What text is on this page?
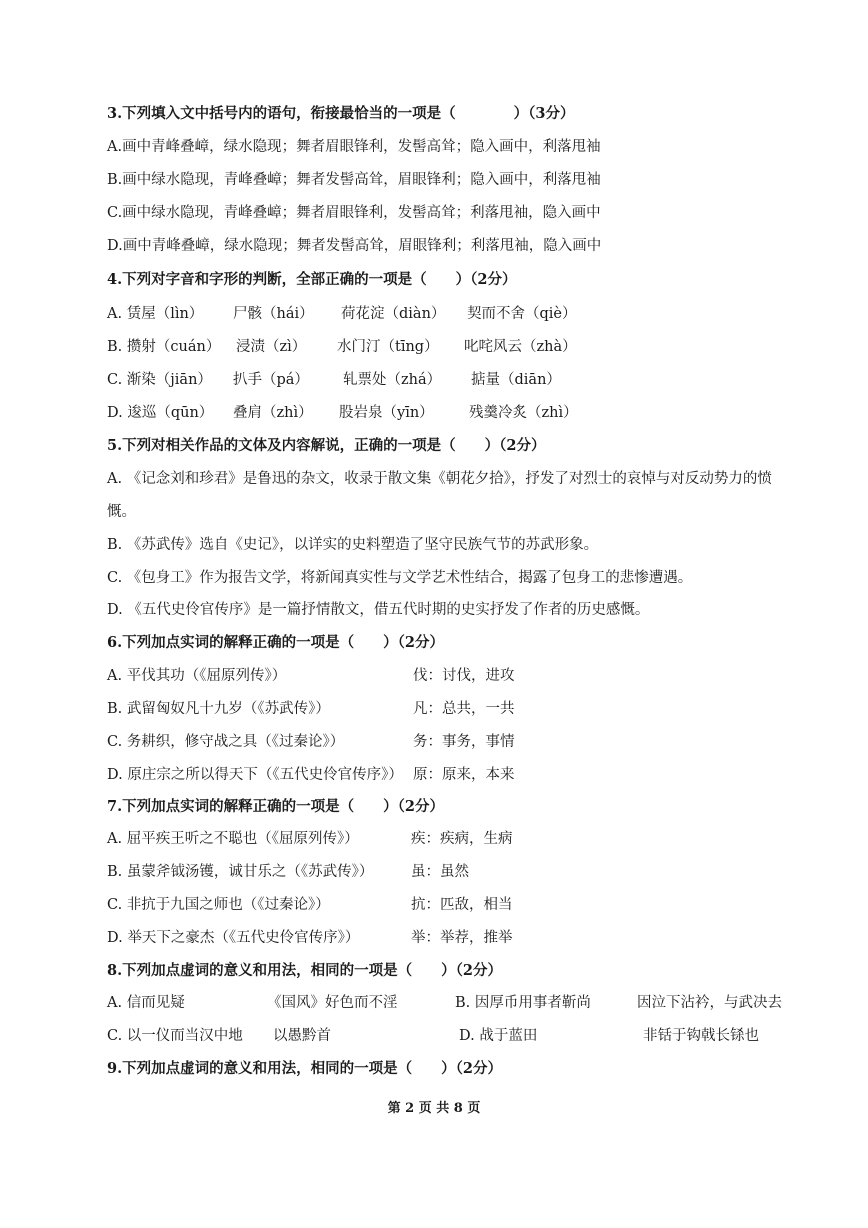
3.下列填入文中括号内的语句，衔接最恰当的一项是（　　　　）（3分）
A.画中青峰叠嶂，绿水隐现；舞者眉眼锋利，发髻高耸；隐入画中，利落甩袖
B.画中绿水隐现，青峰叠嶂；舞者发髻高耸，眉眼锋利；隐入画中，利落甩袖
C.画中绿水隐现，青峰叠嶂；舞者眉眼锋利，发髻高耸；利落甩袖，隐入画中
D.画中青峰叠嶂，绿水隐现；舞者发髻高耸，眉眼锋利；利落甩袖，隐入画中
4.下列对字音和字形的判断，全部正确的一项是（　　）（2分）
A. 赁屋（lìn） 尸骸（hái） 荷花淀（diàn） 契而不舍（qiè）
B. 攒射（cuán） 浸渍（zì） 水门汀（tīng） 叱咤风云（zhà）
C. 渐染（jiān） 扒手（pá） 轧票处（zhá） 掂量（diān）
D. 逡巡（qūn） 叠肩（zhì） 股岩泉（yīn） 残羹冷炙（zhì）
5.下列对相关作品的文体及内容解说，正确的一项是（　　）（2分）
A. 《记念刘和珍君》是鲁迅的杂文，收录于散文集《朝花夕拾》，抒发了对烈士的哀悼与对反动势力的愤
慨。
B. 《苏武传》选自《史记》，以详实的史料塑造了坚守民族气节的苏武形象。
C. 《包身工》作为报告文学，将新闻真实性与文学艺术性结合，揭露了包身工的悲惨遭遇。
D. 《五代史伶官传序》是一篇抒情散文，借五代时期的史实抒发了作者的历史感慨。
6.下列加点实词的解释正确的一项是（　　）（2分）
A. 平伐其功（《屈原列传》）	伐：讨伐，进攻
B. 武留匈奴凡十九岁（《苏武传》）	凡：总共，一共
C. 务耕织，修守战之具（《过秦论》）	务：事务，事情
D. 原庄宗之所以得天下（《五代史伶官传序》） 原：原来，本来
7.下列加点实词的解释正确的一项是（　　）（2分）
A. 屈平疾王听之不聪也（《屈原列传》）	疾：疾病，生病
B. 虽蒙斧钺汤镬，诚甘乐之（《苏武传》）	虽：虽然
C. 非抗于九国之师也（《过秦论》）	抗：匹敌，相当
D. 举天下之豪杰（《五代史伶官传序》）	举：举荐，推举
8.下列加点虚词的意义和用法，相同的一项是（　　）（2分）
A. 信而见疑	《国风》好色而不淫	B. 因厚币用事者靳尚	因泣下沾衿，与武决去
C. 以一仪而当汉中地 以愚黔首	D. 战于蓝田	非铦于钩戟长铩也
9.下列加点虚词的意义和用法，相同的一项是（　　）（2分）
第 2 页 共 8 页
